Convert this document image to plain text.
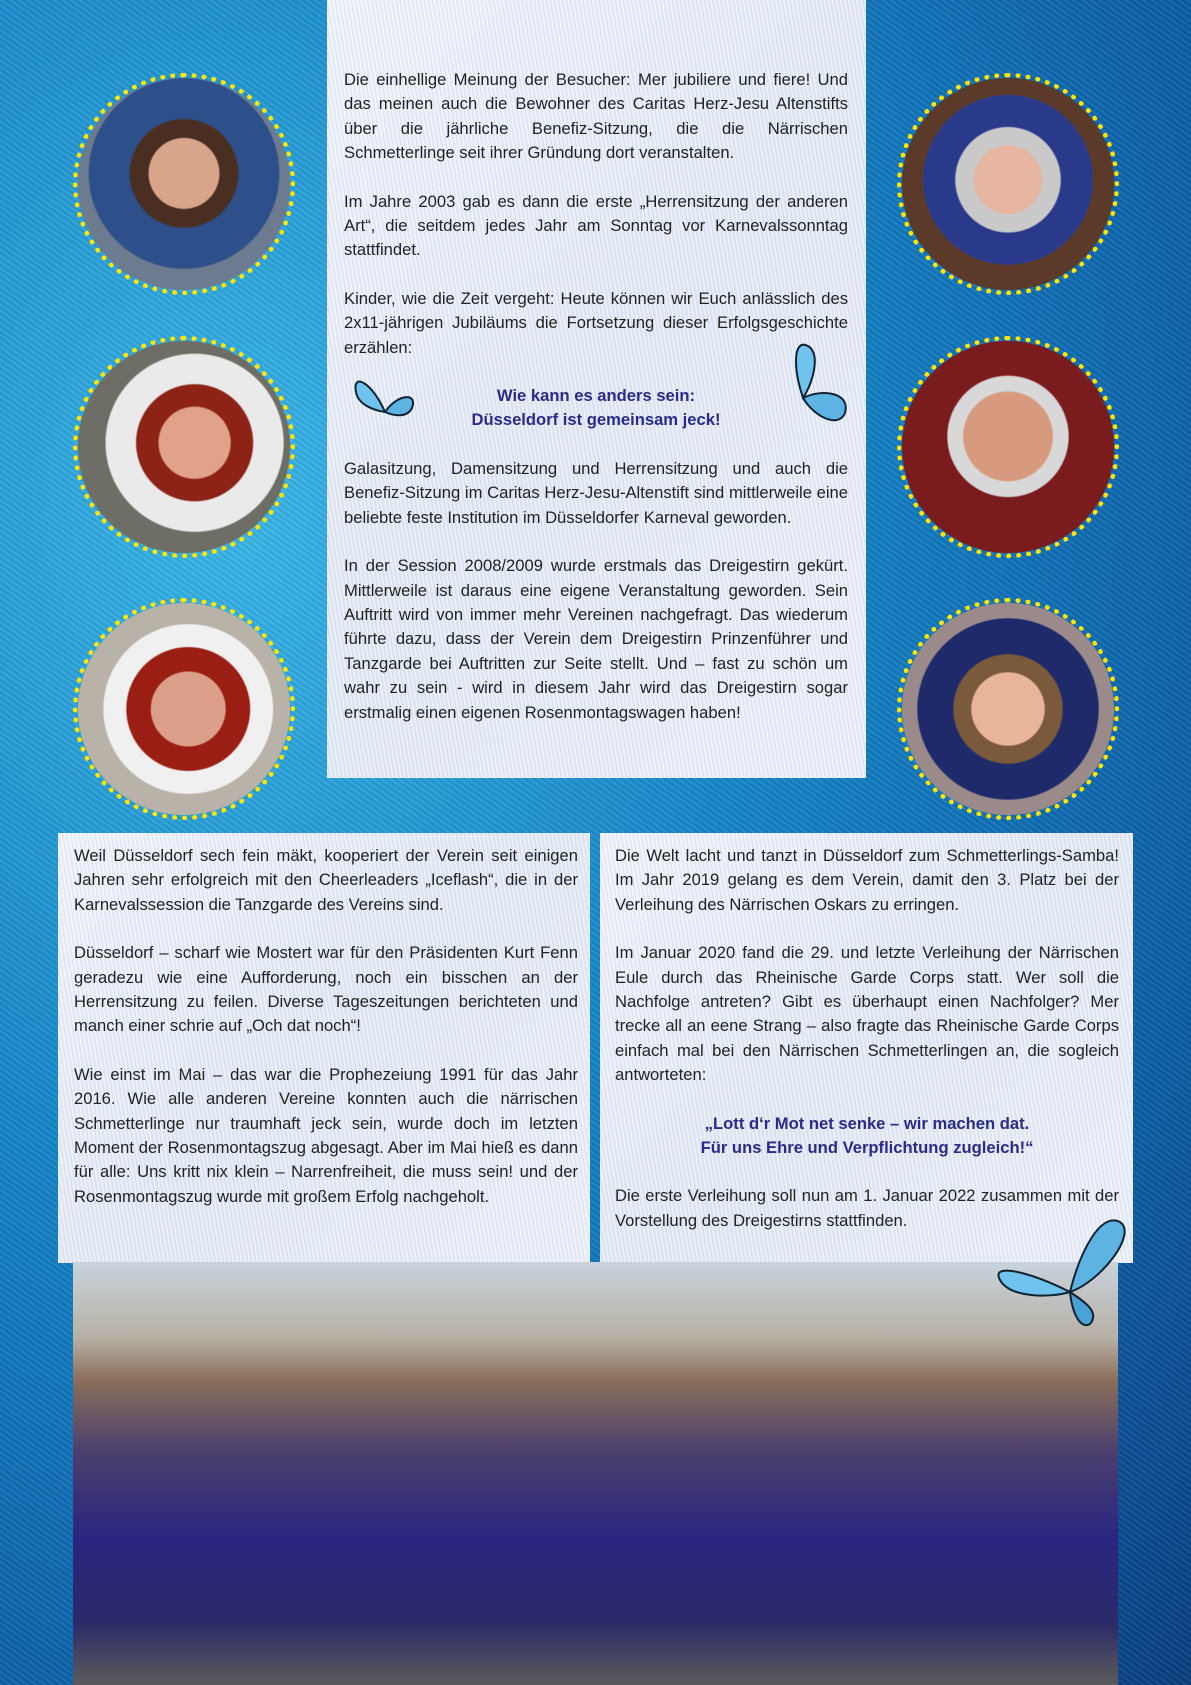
Die einhellige Meinung der Besucher: Mer jubiliere und fiere! Und das meinen auch die Bewohner des Caritas Herz-Jesu Altenstifts über die jährliche Benefiz-Sitzung, die die Närrischen Schmetterlinge seit ihrer Gründung dort veranstalten.

Im Jahre 2003 gab es dann die erste „Herrensitzung der anderen Art“, die seitdem jedes Jahr am Sonntag vor Karnevalssonntag stattfindet.

Kinder, wie die Zeit vergeht: Heute können wir Euch anlässlich des 2x11-jährigen Jubiläums die Fortsetzung dieser Erfolgsgeschichte erzählen:

Wie kann es anders sein:
Düsseldorf ist gemeinsam jeck!

Galasitzung, Damensitzung und Herrensitzung und auch die Benefiz-Sitzung im Caritas Herz-Jesu-Altenstift sind mittlerweile eine beliebte feste Institution im Düsseldorfer Karneval geworden.

In der Session 2008/2009 wurde erstmals das Dreigestirn gekürt. Mittlerweile ist daraus eine eigene Veranstaltung geworden. Sein Auftritt wird von immer mehr Vereinen nachgefragt. Das wiederum führte dazu, dass der Verein dem Dreigestirn Prinzenführer und Tanzgarde bei Auftritten zur Seite stellt. Und – fast zu schön um wahr zu sein - wird in diesem Jahr wird das Dreigestirn sogar erstmalig einen eigenen Rosenmontagswagen haben!

Weil Düsseldorf sech fein mäkt, kooperiert der Verein seit einigen Jahren sehr erfolgreich mit den Cheerleaders „Iceflash“, die in der Karnevalssession die Tanzgarde des Vereins sind.

Düsseldorf – scharf wie Mostert war für den Präsidenten Kurt Fenn geradezu wie eine Aufforderung, noch ein bisschen an der Herrensitzung zu feilen. Diverse Tageszeitungen berichteten und manch einer schrie auf „Och dat noch“!

Wie einst im Mai – das war die Prophezeiung 1991 für das Jahr 2016. Wie alle anderen Vereine konnten auch die närrischen Schmetterlinge nur traumhaft jeck sein, wurde doch im letzten Moment der Rosenmontagszug abgesagt. Aber im Mai hieß es dann für alle: Uns kritt nix klein – Narrenfreiheit, die muss sein! und der Rosenmontagszug wurde mit großem Erfolg nachgeholt.

Die Welt lacht und tanzt in Düsseldorf zum Schmetterlings-Samba! Im Jahr 2019 gelang es dem Verein, damit den 3. Platz bei der Verleihung des Närrischen Oskars zu erringen.

Im Januar 2020 fand die 29. und letzte Verleihung der Närrischen Eule durch das Rheinische Garde Corps statt. Wer soll die Nachfolge antreten? Gibt es überhaupt einen Nachfolger? Mer trecke all an eene Strang – also fragte das Rheinische Garde Corps einfach mal bei den Närrischen Schmetterlingen an, die sogleich antworteten:

„Lott d‘r Mot net senke – wir machen dat.
Für uns Ehre und Verpflichtung zugleich!“

Die erste Verleihung soll nun am 1. Januar 2022 zusammen mit der Vorstellung des Dreigestirns stattfinden.
